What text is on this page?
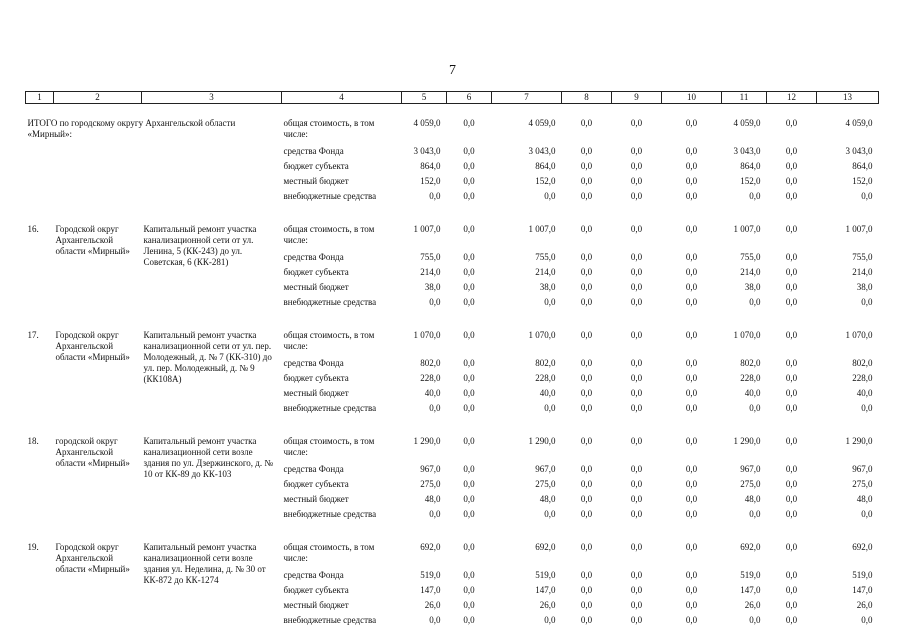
7
1	2	3	4	5	6	7	8	9	10	11	12	13

ИТОГО по городскому округу Архангельской области «Мирный»:			общая стоимость, в том числе:	4 059,0	0,0	4 059,0	0,0	0,0	0,0	4 059,0	0,0	4 059,0
			средства Фонда	3 043,0	0,0	3 043,0	0,0	0,0	0,0	3 043,0	0,0	3 043,0
			бюджет субъекта	864,0	0,0	864,0	0,0	0,0	0,0	864,0	0,0	864,0
			местный бюджет	152,0	0,0	152,0	0,0	0,0	0,0	152,0	0,0	152,0
			внебюджетные средства	0,0	0,0	0,0	0,0	0,0	0,0	0,0	0,0	0,0

16.	Городской округ Архангельской области «Мирный»	Капитальный ремонт участка канализационной сети от ул. Ленина, 5 (КК-243) до ул. Советская, 6 (КК-281)	общая стоимость, в том числе:	1 007,0	0,0	1 007,0	0,0	0,0	0,0	1 007,0	0,0	1 007,0
			средства Фонда	755,0	0,0	755,0	0,0	0,0	0,0	755,0	0,0	755,0
			бюджет субъекта	214,0	0,0	214,0	0,0	0,0	0,0	214,0	0,0	214,0
			местный бюджет	38,0	0,0	38,0	0,0	0,0	0,0	38,0	0,0	38,0
			внебюджетные средства	0,0	0,0	0,0	0,0	0,0	0,0	0,0	0,0	0,0

17.	Городской округ Архангельской области «Мирный»	Капитальный ремонт участка канализационной сети от ул. пер. Молодежный, д. № 7 (КК-310) до ул. пер. Молодежный, д. № 9 (КК108А)	общая стоимость, в том числе:	1 070,0	0,0	1 070,0	0,0	0,0	0,0	1 070,0	0,0	1 070,0
			средства Фонда	802,0	0,0	802,0	0,0	0,0	0,0	802,0	0,0	802,0
			бюджет субъекта	228,0	0,0	228,0	0,0	0,0	0,0	228,0	0,0	228,0
			местный бюджет	40,0	0,0	40,0	0,0	0,0	0,0	40,0	0,0	40,0
			внебюджетные средства	0,0	0,0	0,0	0,0	0,0	0,0	0,0	0,0	0,0

18.	городской округ Архангельской области «Мирный»	Капитальный ремонт участка канализационной сети возле здания по ул. Дзержинского, д. № 10 от КК-89 до КК-103	общая стоимость, в том числе:	1 290,0	0,0	1 290,0	0,0	0,0	0,0	1 290,0	0,0	1 290,0
			средства Фонда	967,0	0,0	967,0	0,0	0,0	0,0	967,0	0,0	967,0
			бюджет субъекта	275,0	0,0	275,0	0,0	0,0	0,0	275,0	0,0	275,0
			местный бюджет	48,0	0,0	48,0	0,0	0,0	0,0	48,0	0,0	48,0
			внебюджетные средства	0,0	0,0	0,0	0,0	0,0	0,0	0,0	0,0	0,0

19.	Городской округ Архангельской области «Мирный»	Капитальный ремонт участка канализационной сети возле здания ул. Неделина, д. № 30 от КК-872 до КК-1274	общая стоимость, в том числе:	692,0	0,0	692,0	0,0	0,0	0,0	692,0	0,0	692,0
			средства Фонда	519,0	0,0	519,0	0,0	0,0	0,0	519,0	0,0	519,0
			бюджет субъекта	147,0	0,0	147,0	0,0	0,0	0,0	147,0	0,0	147,0
			местный бюджет	26,0	0,0	26,0	0,0	0,0	0,0	26,0	0,0	26,0
			внебюджетные средства	0,0	0,0	0,0	0,0	0,0	0,0	0,0	0,0	0,0
